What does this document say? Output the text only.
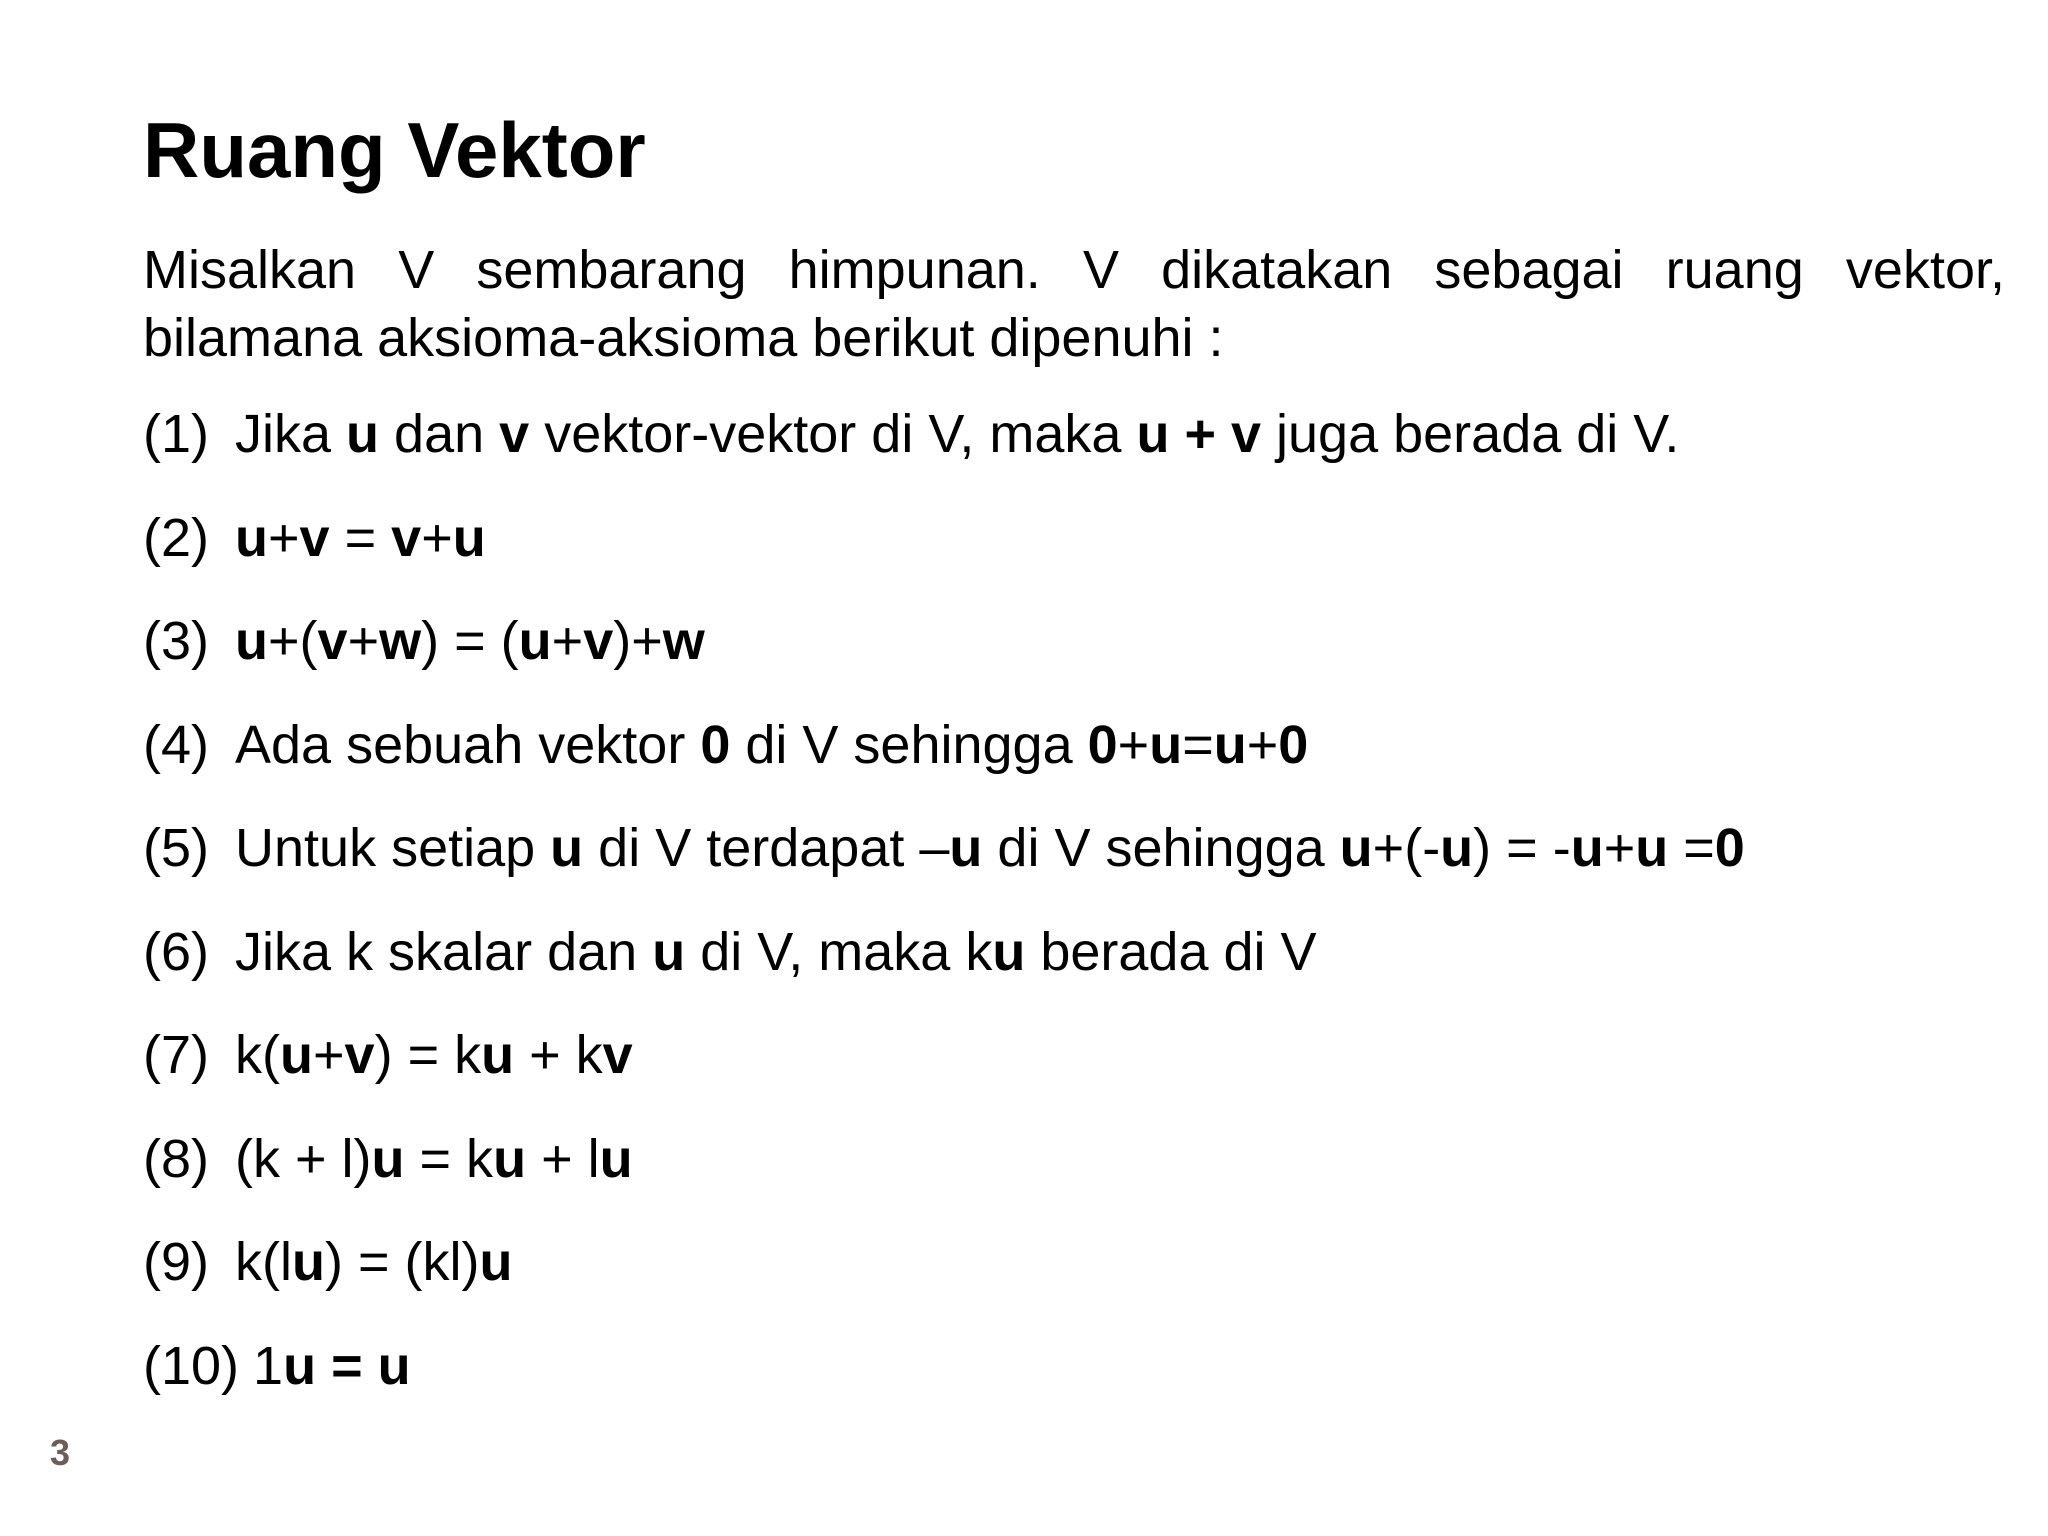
Ruang Vektor
Misalkan V sembarang himpunan. V dikatakan sebagai ruang vektor, bilamana aksioma-aksioma berikut dipenuhi :
(1) Jika u dan v vektor-vektor di V, maka u + v juga berada di V.
(2) u+v = v+u
(3) u+(v+w) = (u+v)+w
(4) Ada sebuah vektor 0 di V sehingga 0+u=u+0
(5) Untuk setiap u di V terdapat –u di V sehingga u+(-u) = -u+u =0
(6) Jika k skalar dan u di V, maka ku berada di V
(7) k(u+v) = ku + kv
(8) (k + l)u = ku + lu
(9) k(lu) = (kl)u
(10) 1u = u
3
